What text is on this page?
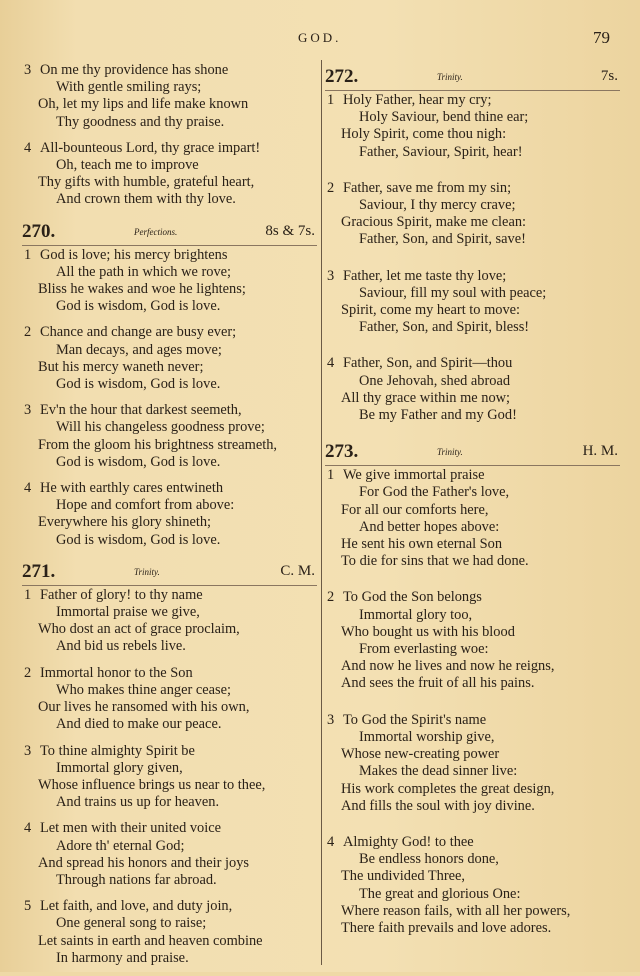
GOD.	79
3 On me thy providence has shone
With gentle smiling rays;
Oh, let my lips and life make known
Thy goodness and thy praise.
4 All-bounteous Lord, thy grace impart!
Oh, teach me to improve
Thy gifts with humble, grateful heart,
And crown them with thy love.
270.	Perfections.	8s & 7s.
1 God is love; his mercy brightens
All the path in which we rove;
Bliss he wakes and woe he lightens;
God is wisdom, God is love.
2 Chance and change are busy ever;
Man decays, and ages move;
But his mercy waneth never;
God is wisdom, God is love.
3 Ev'n the hour that darkest seemeth,
Will his changeless goodness prove;
From the gloom his brightness streameth,
God is wisdom, God is love.
4 He with earthly cares entwineth
Hope and comfort from above:
Everywhere his glory shineth;
God is wisdom, God is love.
271.	Trinity.	C. M.
1 Father of glory! to thy name
Immortal praise we give,
Who dost an act of grace proclaim,
And bid us rebels live.
2 Immortal honor to the Son
Who makes thine anger cease;
Our lives he ransomed with his own,
And died to make our peace.
3 To thine almighty Spirit be
Immortal glory given,
Whose influence brings us near to thee,
And trains us up for heaven.
4 Let men with their united voice
Adore th' eternal God;
And spread his honors and their joys
Through nations far abroad.
5 Let faith, and love, and duty join,
One general song to raise;
Let saints in earth and heaven combine
In harmony and praise.
272.	Trinity.	7s.
1 Holy Father, hear my cry;
Holy Saviour, bend thine ear;
Holy Spirit, come thou nigh:
Father, Saviour, Spirit, hear!
2 Father, save me from my sin;
Saviour, I thy mercy crave;
Gracious Spirit, make me clean:
Father, Son, and Spirit, save!
3 Father, let me taste thy love;
Saviour, fill my soul with peace;
Spirit, come my heart to move:
Father, Son, and Spirit, bless!
4 Father, Son, and Spirit—thou
One Jehovah, shed abroad
All thy grace within me now;
Be my Father and my God!
273.	Trinity.	H. M.
1 We give immortal praise
For God the Father's love,
For all our comforts here,
And better hopes above:
He sent his own eternal Son
To die for sins that we had done.
2 To God the Son belongs
Immortal glory too,
Who bought us with his blood
From everlasting woe:
And now he lives and now he reigns,
And sees the fruit of all his pains.
3 To God the Spirit's name
Immortal worship give,
Whose new-creating power
Makes the dead sinner live:
His work completes the great design,
And fills the soul with joy divine.
4 Almighty God! to thee
Be endless honors done,
The undivided Three,
The great and glorious One:
Where reason fails, with all her powers,
There faith prevails and love adores.
